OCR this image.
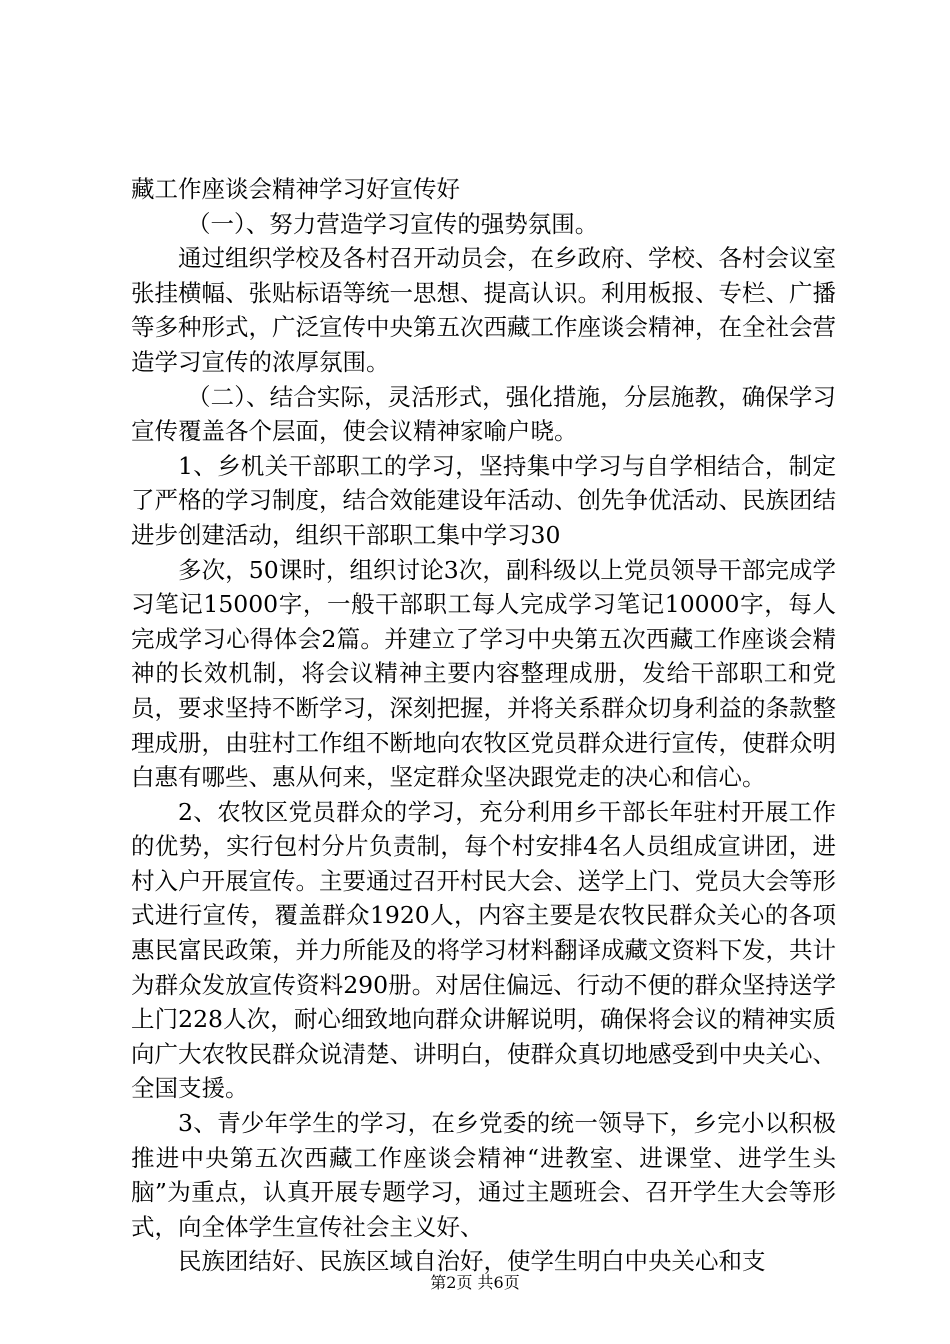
藏工作座谈会精神学习好宣传好

（一）、努力营造学习宣传的强势氛围。

通过组织学校及各村召开动员会，在乡政府、学校、各村会议室张挂横幅、张贴标语等统一思想、提高认识。利用板报、专栏、广播等多种形式，广泛宣传中央第五次西藏工作座谈会精神，在全社会营造学习宣传的浓厚氛围。

（二）、结合实际，灵活形式，强化措施，分层施教，确保学习宣传覆盖各个层面，使会议精神家喻户晓。

1、乡机关干部职工的学习，坚持集中学习与自学相结合，制定了严格的学习制度，结合效能建设年活动、创先争优活动、民族团结进步创建活动，组织干部职工集中学习30

多次，50课时，组织讨论3次，副科级以上党员领导干部完成学习笔记15000字，一般干部职工每人完成学习笔记10000字，每人完成学习心得体会2篇。并建立了学习中央第五次西藏工作座谈会精神的长效机制，将会议精神主要内容整理成册，发给干部职工和党员，要求坚持不断学习，深刻把握，并将关系群众切身利益的条款整理成册，由驻村工作组不断地向农牧区党员群众进行宣传，使群众明白惠有哪些、惠从何来，坚定群众坚决跟党走的决心和信心。

2、农牧区党员群众的学习，充分利用乡干部长年驻村开展工作的优势，实行包村分片负责制，每个村安排4名人员组成宣讲团，进村入户开展宣传。主要通过召开村民大会、送学上门、党员大会等形式进行宣传，覆盖群众1920人，内容主要是农牧民群众关心的各项惠民富民政策，并力所能及的将学习材料翻译成藏文资料下发，共计为群众发放宣传资料290册。对居住偏远、行动不便的群众坚持送学上门228人次，耐心细致地向群众讲解说明，确保将会议的精神实质向广大农牧民群众说清楚、讲明白，使群众真切地感受到中央关心、全国支援。

3、青少年学生的学习，在乡党委的统一领导下，乡完小以积极推进中央第五次西藏工作座谈会精神“进教室、进课堂、进学生头脑”为重点，认真开展专题学习，通过主题班会、召开学生大会等形式，向全体学生宣传社会主义好、

民族团结好、民族区域自治好，使学生明白中央关心和支

第2页 共6页
